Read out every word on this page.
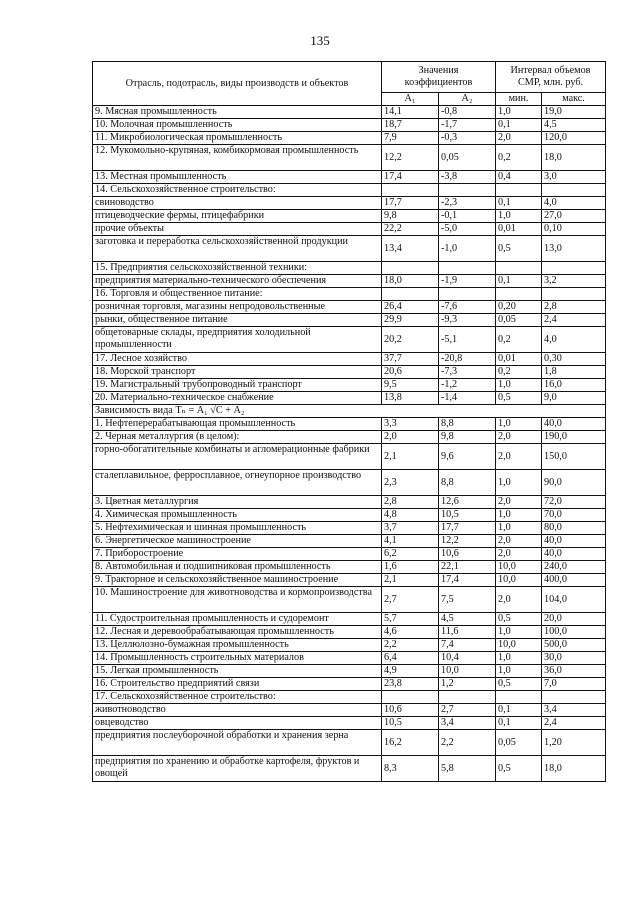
135
Отрасль, подотрасль, виды производств и объектов	Значения коэффициентов		Интервал объемов СМР, млн. руб.	
	А₁	А₂	мин.	макс.
9. Мясная промышленность	14,1	-0,8	1,0	19,0
10. Молочная промышленность	18,7	-1,7	0,1	4,5
11. Микробиологическая промышленность	7,9	-0,3	2,0	120,0
12. Мукомольно-крупяная, комбикормовая промышленность	12,2	0,05	0,2	18,0
13. Местная промышленность	17,4	-3,8	0,4	3,0
14. Сельскохозяйственное строительство:				
свиноводство	17,7	-2,3	0,1	4,0
птицеводческие фермы, птицефабрики	9,8	-0,1	1,0	27,0
прочие объекты	22,2	-5,0	0,01	0,10
заготовка и переработка сельскохозяйственной продукции	13,4	-1,0	0,5	13,0
15. Предприятия сельскохозяйственной техники:				
предприятия материально-технического обеспечения	18,0	-1,9	0,1	3,2
16. Торговля и общественное питание:				
розничная торговля, магазины непродовольственные	26,4	-7,6	0,20	2,8
рынки, общественное питание	29,9	-9,3	0,05	2,4
общетоварные склады, предприятия холодильной промышленности	20,2	-5,1	0,2	4,0
17. Лесное хозяйство	37,7	-20,8	0,01	0,30
18. Морской транспорт	20,6	-7,3	0,2	1,8
19. Магистральный трубопроводный транспорт	9,5	-1,2	1,0	16,0
20. Материально-техническое снабжение	13,8	-1,4	0,5	9,0
Зависимость вида Тₙ = А₁ √С + А₂				
1. Нефтеперерабатывающая промышленность	3,3	8,8	1,0	40,0
2. Черная металлургия (в целом):	2,0	9,8	2,0	190,0
горно-обогатительные комбинаты и агломерационные фабрики	2,1	9,6	2,0	150,0
сталеплавильное, ферросплавное, огнеупорное производство	2,3	8,8	1,0	90,0
3. Цветная металлургия	2,8	12,6	2,0	72,0
4. Химическая промышленность	4,8	10,5	1,0	70,0
5. Нефтехимическая и шинная промышленность	3,7	17,7	1,0	80,0
6. Энергетическое машиностроение	4,1	12,2	2,0	40,0
7. Приборостроение	6,2	10,6	2,0	40,0
8. Автомобильная и подшипниковая промышленность	1,6	22,1	10,0	240,0
9. Тракторное и сельскохозяйственное машиностроение	2,1	17,4	10,0	400,0
10. Машиностроение для животноводства и кормопроизводства	2,7	7,5	2,0	104,0
11. Судостроительная промышленность и судоремонт	5,7	4,5	0,5	20,0
12. Лесная и деревообрабатывающая промышленность	4,6	11,6	1,0	100,0
13. Целлюлозно-бумажная промышленность	2,2	7,4	10,0	500,0
14. Промышленность строительных материалов	6,4	10,4	1,0	30,0
15. Легкая промышленность	4,9	10,0	1,0	36,0
16. Строительство предприятий связи	23,8	1,2	0,5	7,0
17. Сельскохозяйственное строительство:				
животноводство	10,6	2,7	0,1	3,4
овцеводство	10,5	3,4	0,1	2,4
предприятия послеуборочной обработки и хранения зерна	16,2	2,2	0,05	1,20
предприятия по хранению и обработке картофеля, фруктов и овощей	8,3	5,8	0,5	18,0
